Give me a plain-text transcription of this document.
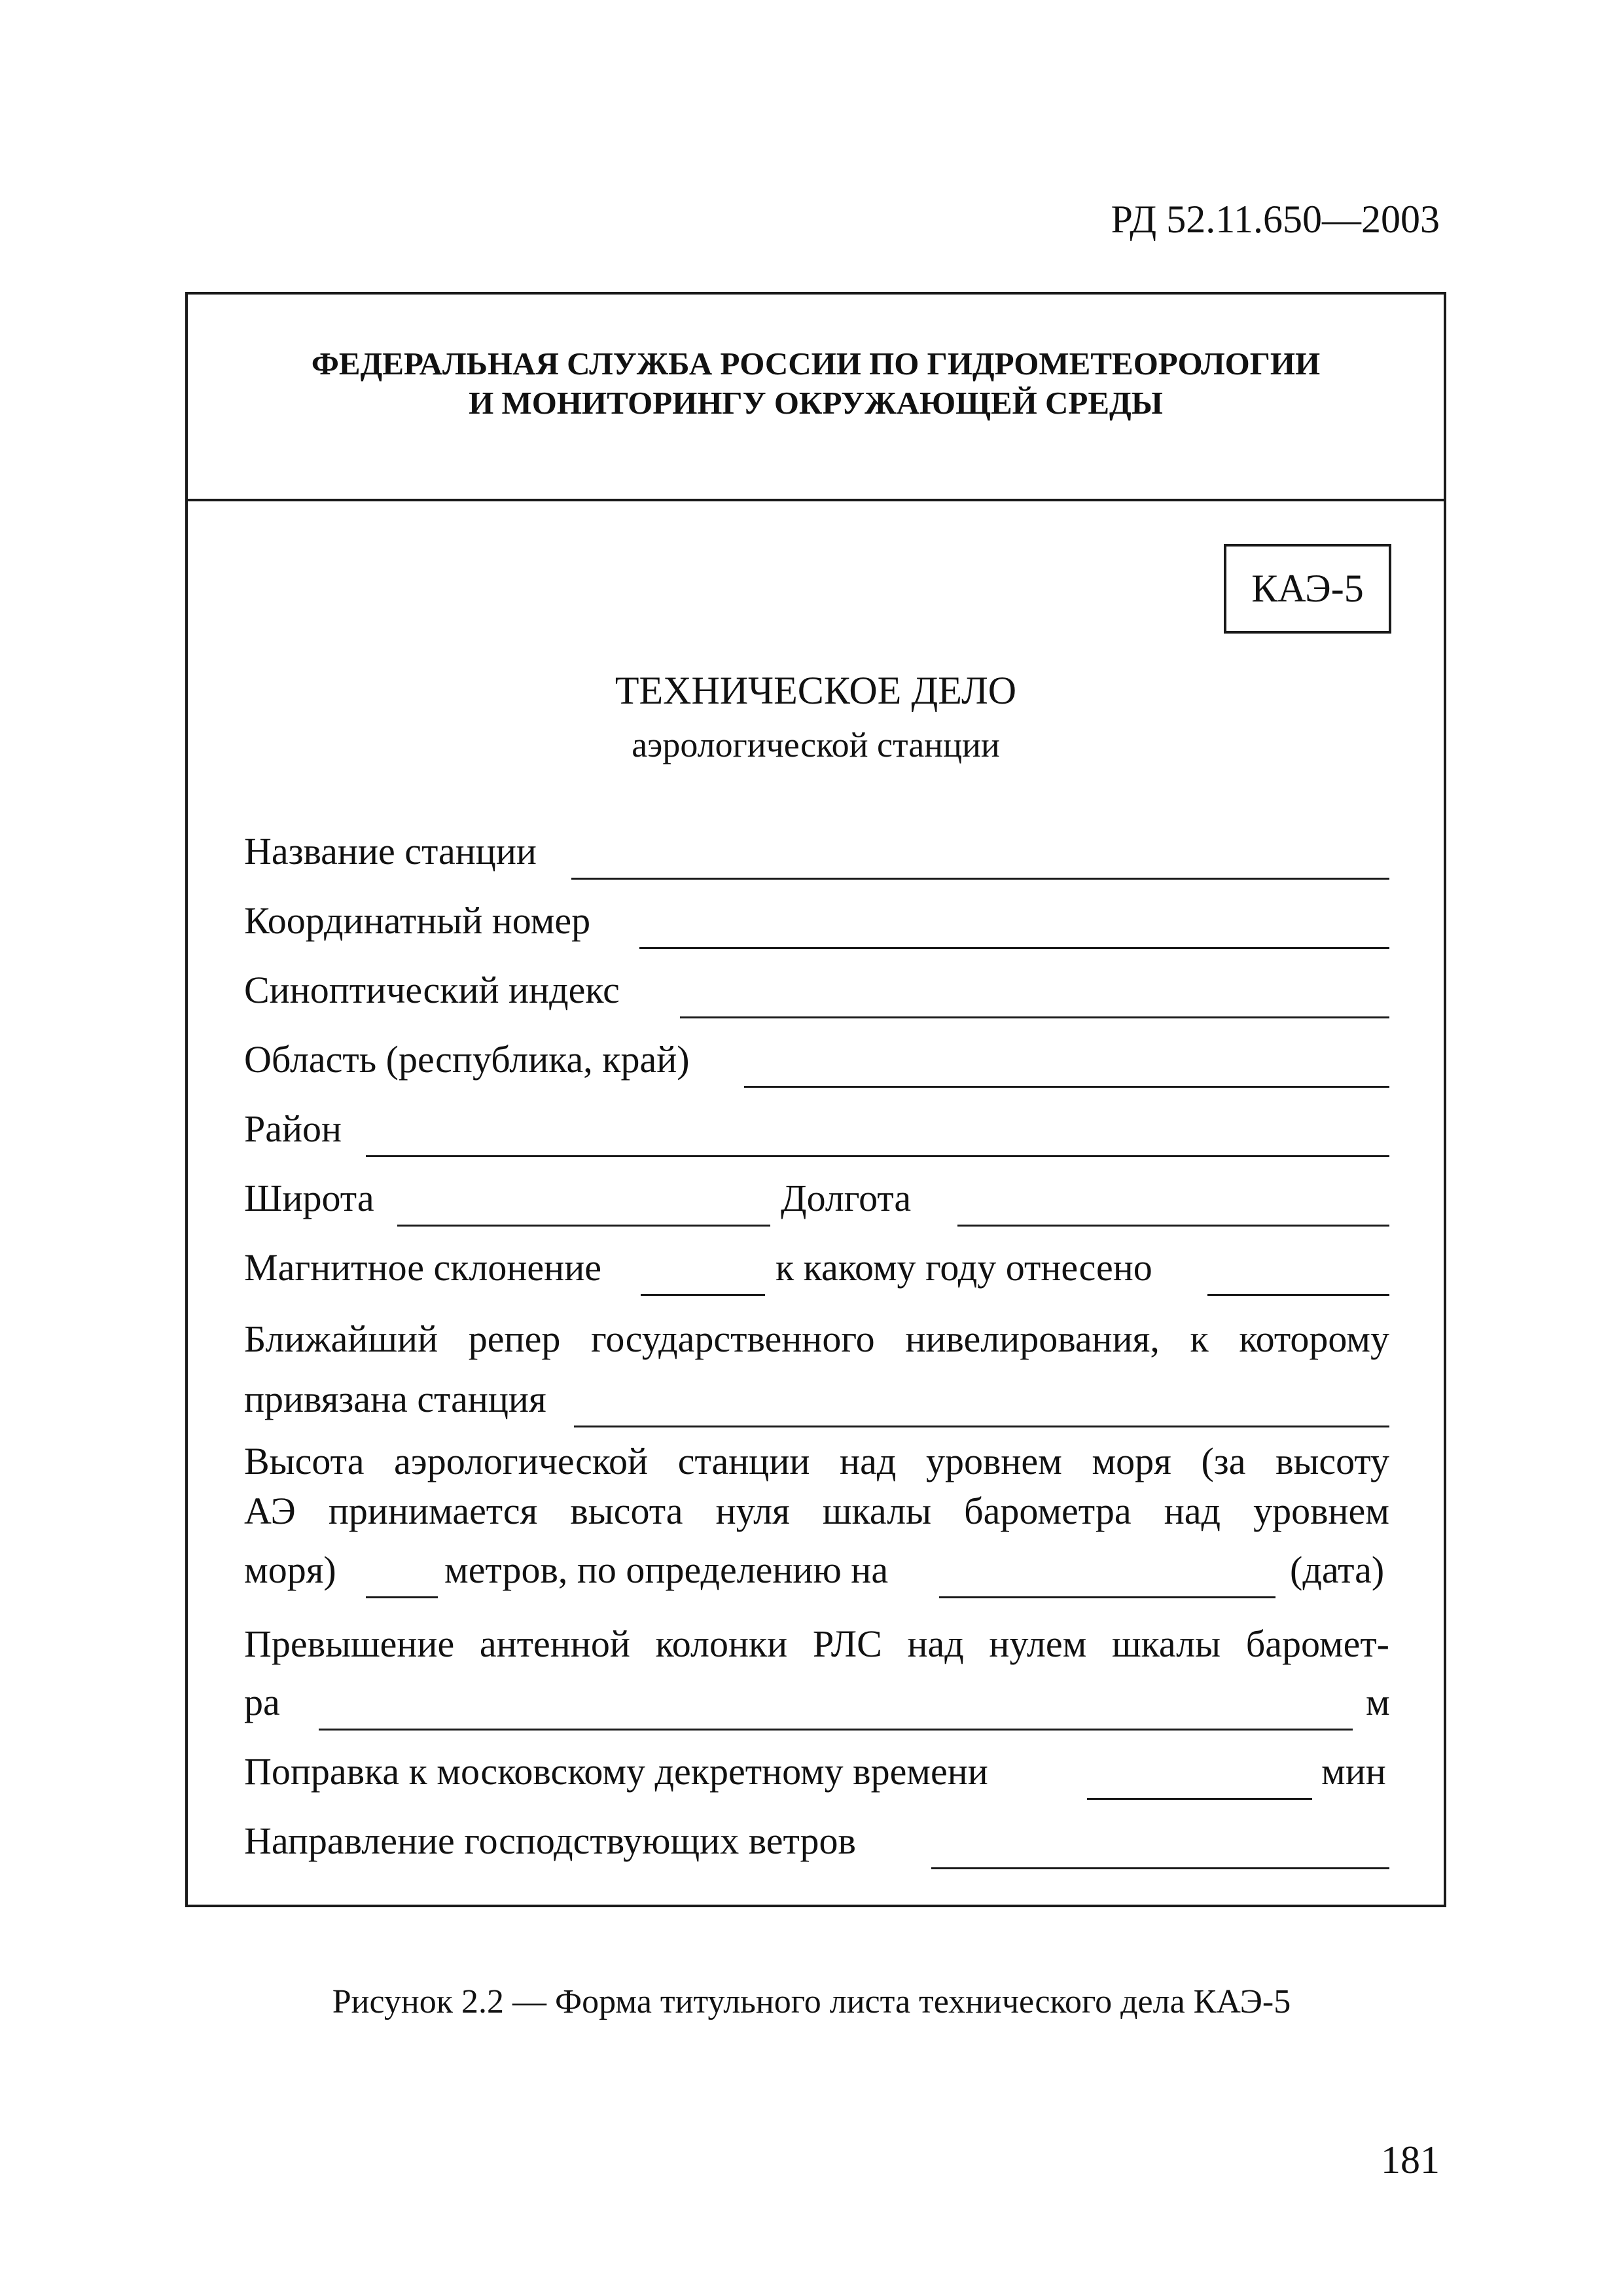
РД 52.11.650—2003
ФЕДЕРАЛЬНАЯ СЛУЖБА РОССИИ ПО ГИДРОМЕТЕОРОЛОГИИ
И МОНИТОРИНГУ ОКРУЖАЮЩЕЙ СРЕДЫ
КАЭ-5
ТЕХНИЧЕСКОЕ ДЕЛО
аэрологической станции
Название станции
Координатный номер
Синоптический индекс
Область (республика, край)
Район
Широта	Долгота
Магнитное склонение	к какому году отнесено
Ближайший репер государственного нивелирования, к которому
привязана станция
Высота аэрологической станции над уровнем моря (за высоту
АЭ принимается высота нуля шкалы барометра над уровнем
моря)	метров, по определению на	(дата)
Превышение антенной колонки РЛС над нулем шкалы баромет-
ра	м
Поправка к московскому декретному времени	мин
Направление господствующих ветров
Рисунок 2.2 — Форма титульного листа технического дела КАЭ-5
181
